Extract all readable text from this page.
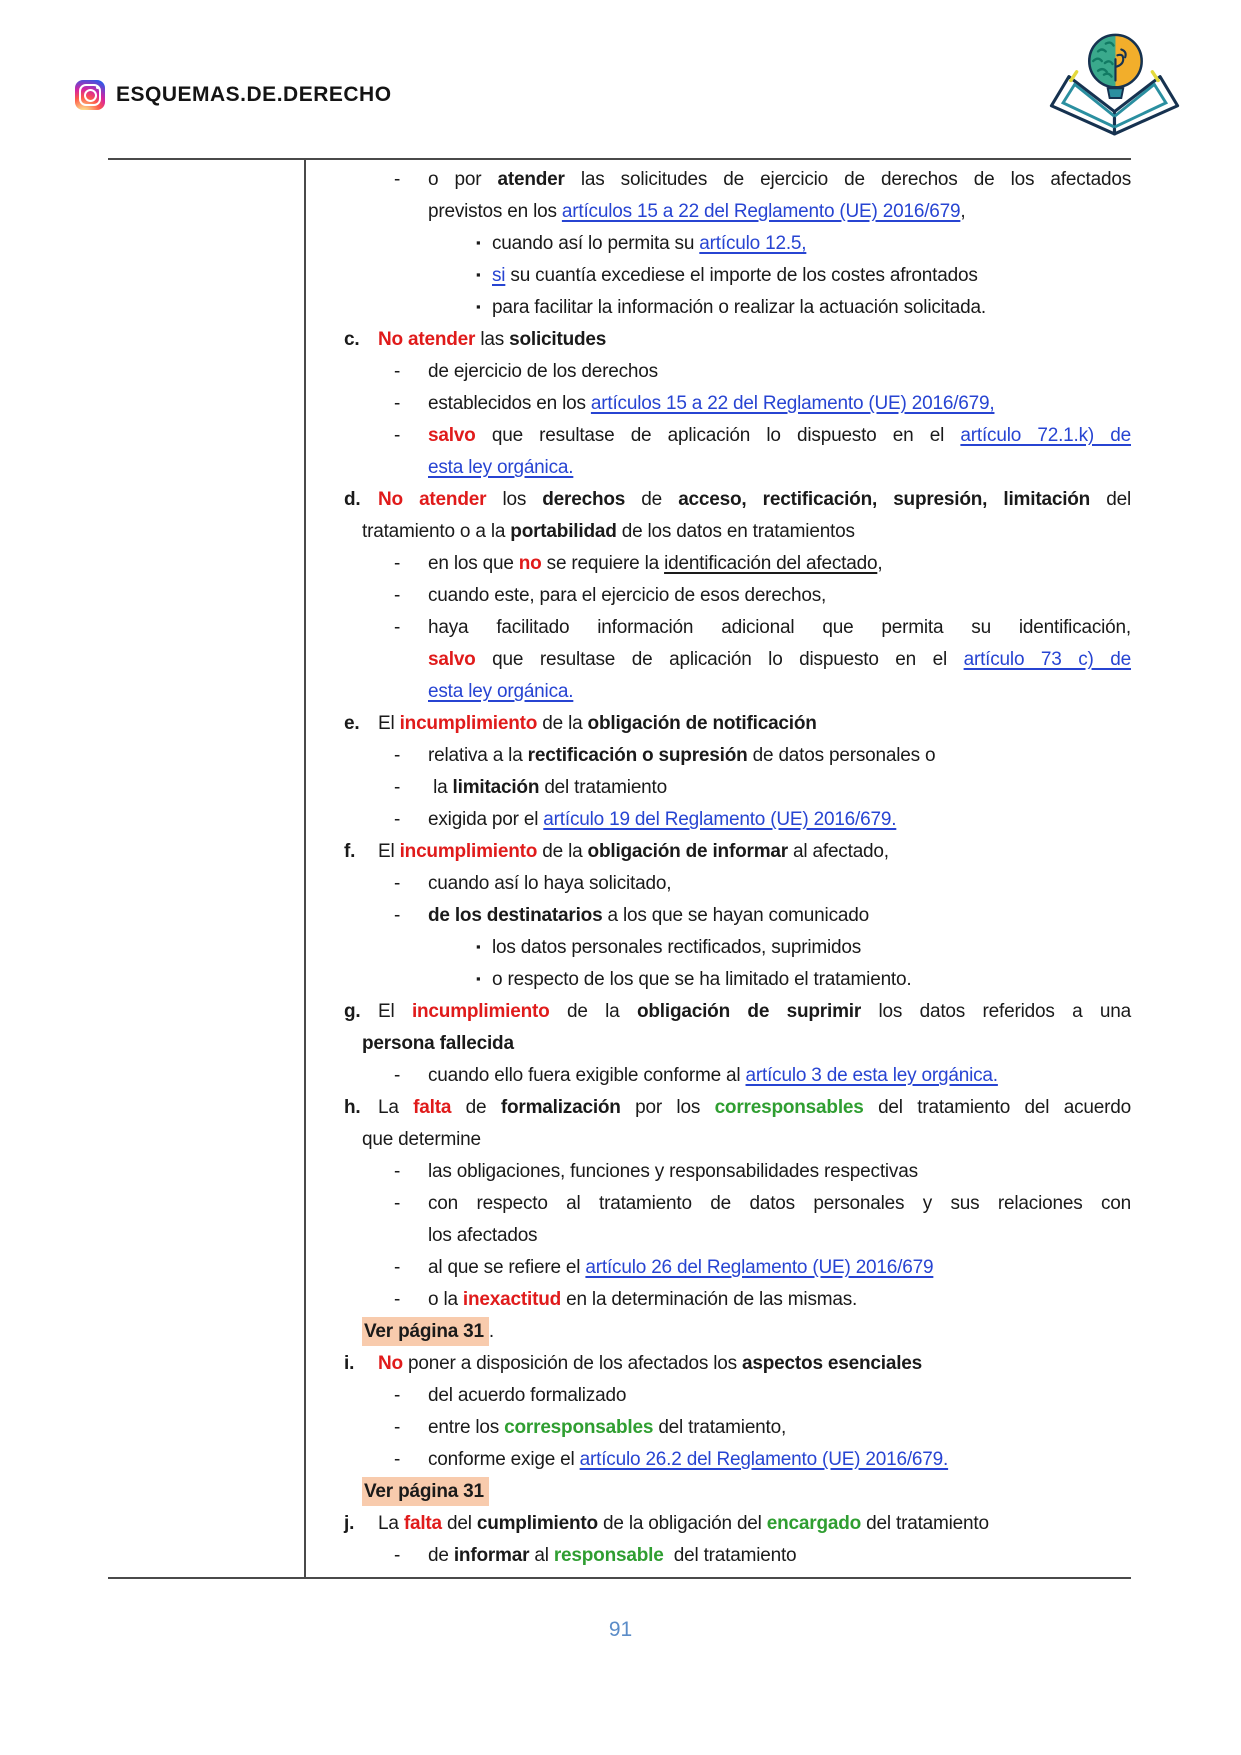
ESQUEMAS.DE.DERECHO
- o por atender las solicitudes de ejercicio de derechos de los afectados
previstos en los artículos 15 a 22 del Reglamento (UE) 2016/679,
▪ cuando así lo permita su artículo 12.5,
▪ si su cuantía excediese el importe de los costes afrontados
▪ para facilitar la información o realizar la actuación solicitada.
c. No atender las solicitudes
- de ejercicio de los derechos
- establecidos en los artículos 15 a 22 del Reglamento (UE) 2016/679,
- salvo que resultase de aplicación lo dispuesto en el artículo 72.1.k) de
esta ley orgánica.
d. No atender los derechos de acceso, rectificación, supresión, limitación del
tratamiento o a la portabilidad de los datos en tratamientos
- en los que no se requiere la identificación del afectado,
- cuando este, para el ejercicio de esos derechos,
- haya facilitado información adicional que permita su identificación,
salvo que resultase de aplicación lo dispuesto en el artículo 73 c) de
esta ley orgánica.
e. El incumplimiento de la obligación de notificación
- relativa a la rectificación o supresión de datos personales o
- la limitación del tratamiento
- exigida por el artículo 19 del Reglamento (UE) 2016/679.
f. El incumplimiento de la obligación de informar al afectado,
- cuando así lo haya solicitado,
- de los destinatarios a los que se hayan comunicado
▪ los datos personales rectificados, suprimidos
▪ o respecto de los que se ha limitado el tratamiento.
g. El incumplimiento de la obligación de suprimir los datos referidos a una
persona fallecida
- cuando ello fuera exigible conforme al artículo 3 de esta ley orgánica.
h. La falta de formalización por los corresponsables del tratamiento del acuerdo
que determine
- las obligaciones, funciones y responsabilidades respectivas
- con respecto al tratamiento de datos personales y sus relaciones con
los afectados
- al que se refiere el artículo 26 del Reglamento (UE) 2016/679
- o la inexactitud en la determinación de las mismas.
Ver página 31 .
i. No poner a disposición de los afectados los aspectos esenciales
- del acuerdo formalizado
- entre los corresponsables del tratamiento,
- conforme exige el artículo 26.2 del Reglamento (UE) 2016/679.
Ver página 31
j. La falta del cumplimiento de la obligación del encargado del tratamiento
- de informar al responsable  del tratamiento
91
